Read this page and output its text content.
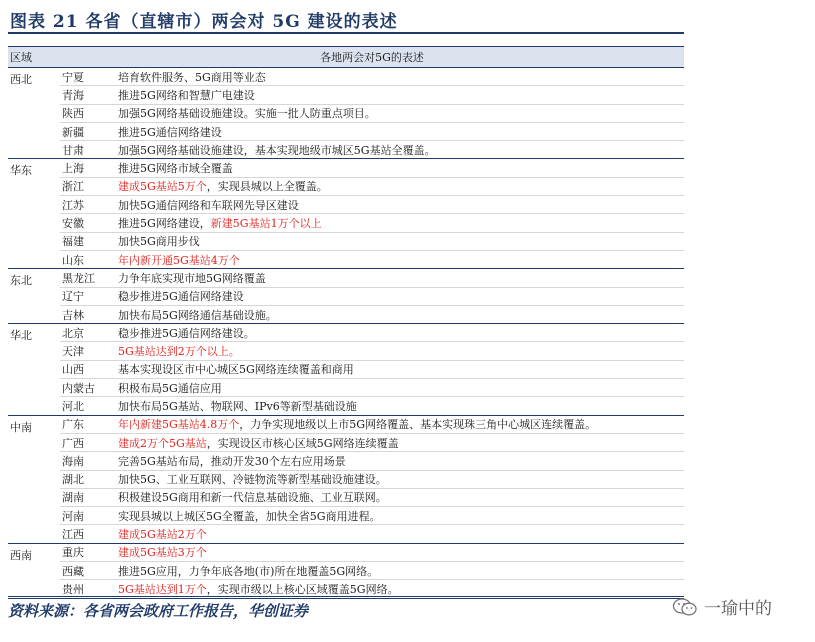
图表 21 各省（直辖市）两会对 5G 建设的表述
区域	各地两会对5G的表述
西北	宁夏	培育软件服务、5G商用等业态
青海	推进5G网络和智慧广电建设
陕西	加强5G网络基础设施建设。实施一批人防重点项目。
新疆	推进5G通信网络建设
甘肃	加强5G网络基础设施建设，基本实现地级市城区5G基站全覆盖。
华东	上海	推进5G网络市域全覆盖
浙江	建成5G基站5万个，实现县城以上全覆盖。
江苏	加快5G通信网络和车联网先导区建设
安徽	推进5G网络建设，新建5G基站1万个以上
福建	加快5G商用步伐
山东	年内新开通5G基站4万个
东北	黑龙江	力争年底实现市地5G网络覆盖
辽宁	稳步推进5G通信网络建设
吉林	加快布局5G网络通信基础设施。
华北	北京	稳步推进5G通信网络建设。
天津	5G基站达到2万个以上。
山西	基本实现设区市中心城区5G网络连续覆盖和商用
内蒙古	积极布局5G通信应用
河北	加快布局5G基站、物联网、IPv6等新型基础设施
中南	广东	年内新建5G基站4.8万个，力争实现地级以上市5G网络覆盖、基本实现珠三角中心城区连续覆盖。
广西	建成2万个5G基站，实现设区市核心区域5G网络连续覆盖
海南	完善5G基站布局，推动开发30个左右应用场景
湖北	加快5G、工业互联网、冷链物流等新型基础设施建设。
湖南	积极建设5G商用和新一代信息基础设施、工业互联网。
河南	实现县城以上城区5G全覆盖，加快全省5G商用进程。
江西	建成5G基站2万个
西南	重庆	建成5G基站3万个
西藏	推进5G应用，力争年底各地(市)所在地覆盖5G网络。
贵州	5G基站达到1万个，实现市级以上核心区域覆盖5G网络。
资料来源：各省两会政府工作报告，华创证券	一瑜中的
